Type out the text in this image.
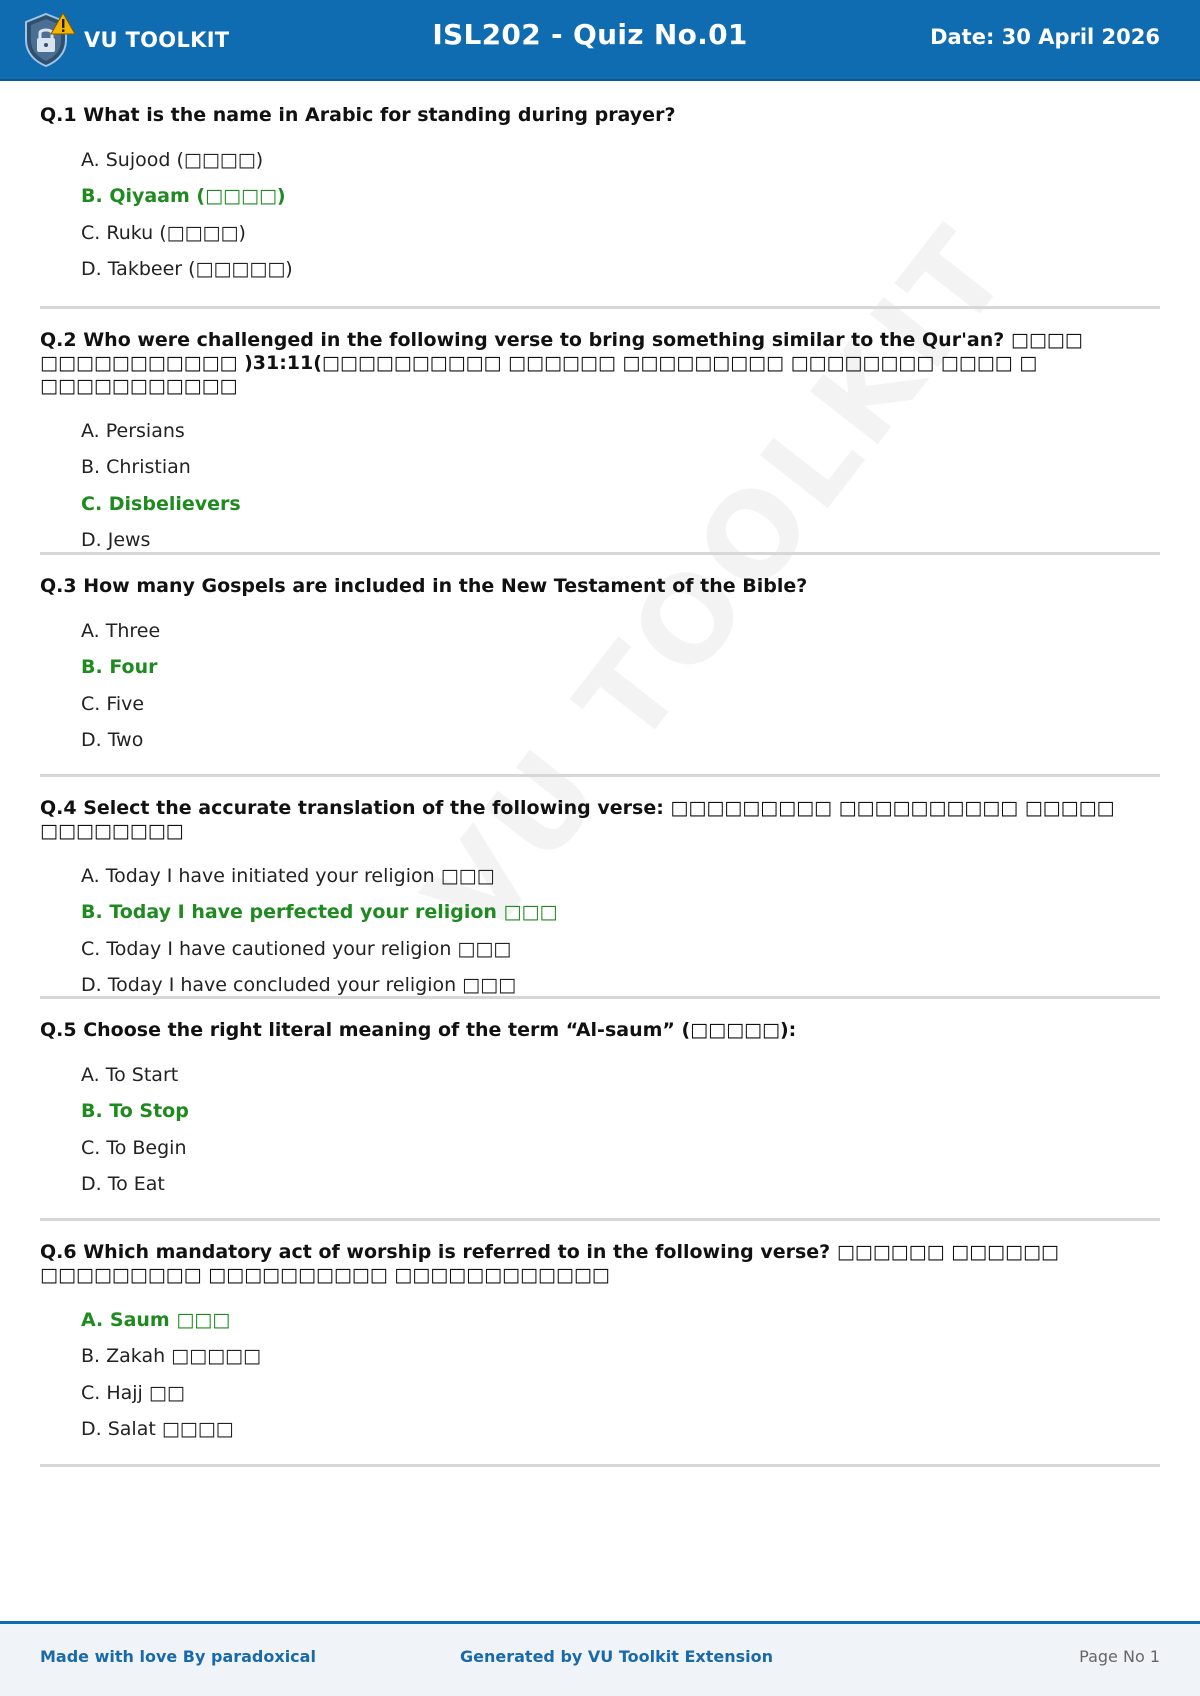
VU TOOLKIT	ISL202 - Quiz No.01	Date: 30 April 2026
Q.1 What is the name in Arabic for standing during prayer?
A. Sujood (□□□□)
B. Qiyaam (□□□□)
C. Ruku (□□□□)
D. Takbeer (□□□□□)
Q.2 Who were challenged in the following verse to bring something similar to the Qur'an? □□□□ □□□□□□□□□□□ )31:11(□□□□□□□□□□ □□□□□□ □□□□□□□□□ □□□□□□□□ □□□□ □ □□□□□□□□□□□
A. Persians
B. Christian
C. Disbelievers
D. Jews
Q.3 How many Gospels are included in the New Testament of the Bible?
A. Three
B. Four
C. Five
D. Two
Q.4 Select the accurate translation of the following verse: □□□□□□□□□ □□□□□□□□□□ □□□□□ □□□□□□□□
A. Today I have initiated your religion □□□
B. Today I have perfected your religion □□□
C. Today I have cautioned your religion □□□
D. Today I have concluded your religion □□□
Q.5 Choose the right literal meaning of the term “Al-saum” (□□□□□):
A. To Start
B. To Stop
C. To Begin
D. To Eat
Q.6 Which mandatory act of worship is referred to in the following verse? □□□□□□ □□□□□□ □□□□□□□□□ □□□□□□□□□□ □□□□□□□□□□□□
A. Saum □□□
B. Zakah □□□□□
C. Hajj □□
D. Salat □□□□
Made with love By paradoxical	Generated by VU Toolkit Extension	Page No 1
